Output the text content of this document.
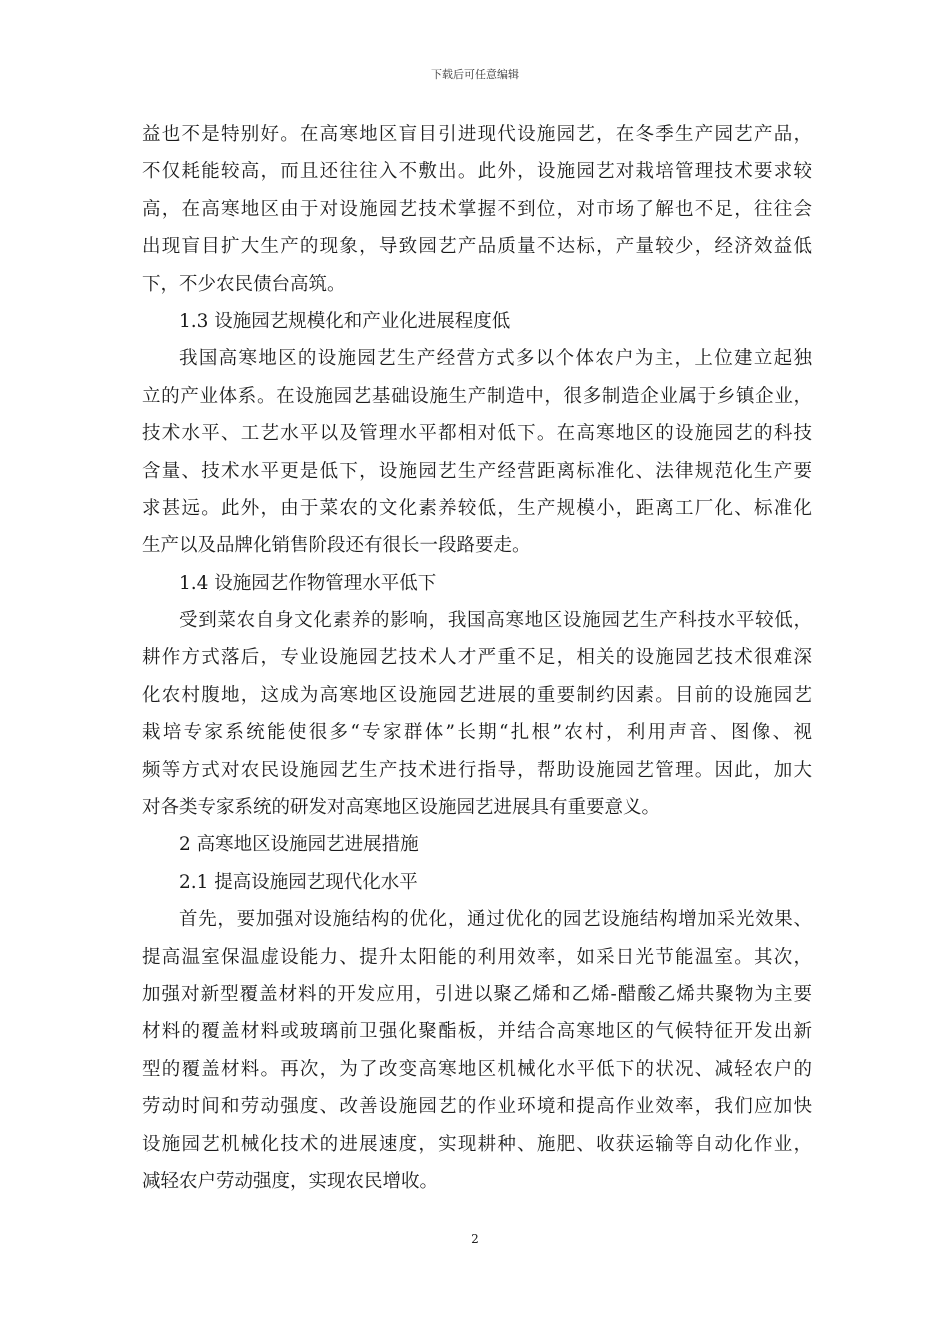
下载后可任意编辑
益也不是特别好。在高寒地区盲目引进现代设施园艺，在冬季生产园艺产品，
不仅耗能较高，而且还往往入不敷出。此外，设施园艺对栽培管理技术要求较
高，在高寒地区由于对设施园艺技术掌握不到位，对市场了解也不足，往往会
出现盲目扩大生产的现象，导致园艺产品质量不达标，产量较少，经济效益低
下，不少农民债台高筑。
1.3 设施园艺规模化和产业化进展程度低
我国高寒地区的设施园艺生产经营方式多以个体农户为主，上位建立起独
立的产业体系。在设施园艺基础设施生产制造中，很多制造企业属于乡镇企业，
技术水平、工艺水平以及管理水平都相对低下。在高寒地区的设施园艺的科技
含量、技术水平更是低下，设施园艺生产经营距离标准化、法律规范化生产要
求甚远。此外，由于菜农的文化素养较低，生产规模小，距离工厂化、标准化
生产以及品牌化销售阶段还有很长一段路要走。
1.4 设施园艺作物管理水平低下
受到菜农自身文化素养的影响，我国高寒地区设施园艺生产科技水平较低，
耕作方式落后，专业设施园艺技术人才严重不足，相关的设施园艺技术很难深
化农村腹地，这成为高寒地区设施园艺进展的重要制约因素。目前的设施园艺
栽培专家系统能使很多“专家群体”长期“扎根”农村，利用声音、图像、视
频等方式对农民设施园艺生产技术进行指导，帮助设施园艺管理。因此，加大
对各类专家系统的研发对高寒地区设施园艺进展具有重要意义。
2 高寒地区设施园艺进展措施
2.1 提高设施园艺现代化水平
首先，要加强对设施结构的优化，通过优化的园艺设施结构增加采光效果、
提高温室保温虚设能力、提升太阳能的利用效率，如采日光节能温室。其次，
加强对新型覆盖材料的开发应用，引进以聚乙烯和乙烯-醋酸乙烯共聚物为主要
材料的覆盖材料或玻璃前卫强化聚酯板，并结合高寒地区的气候特征开发出新
型的覆盖材料。再次，为了改变高寒地区机械化水平低下的状况、减轻农户的
劳动时间和劳动强度、改善设施园艺的作业环境和提高作业效率，我们应加快
设施园艺机械化技术的进展速度，实现耕种、施肥、收获运输等自动化作业，
减轻农户劳动强度，实现农民增收。
2
